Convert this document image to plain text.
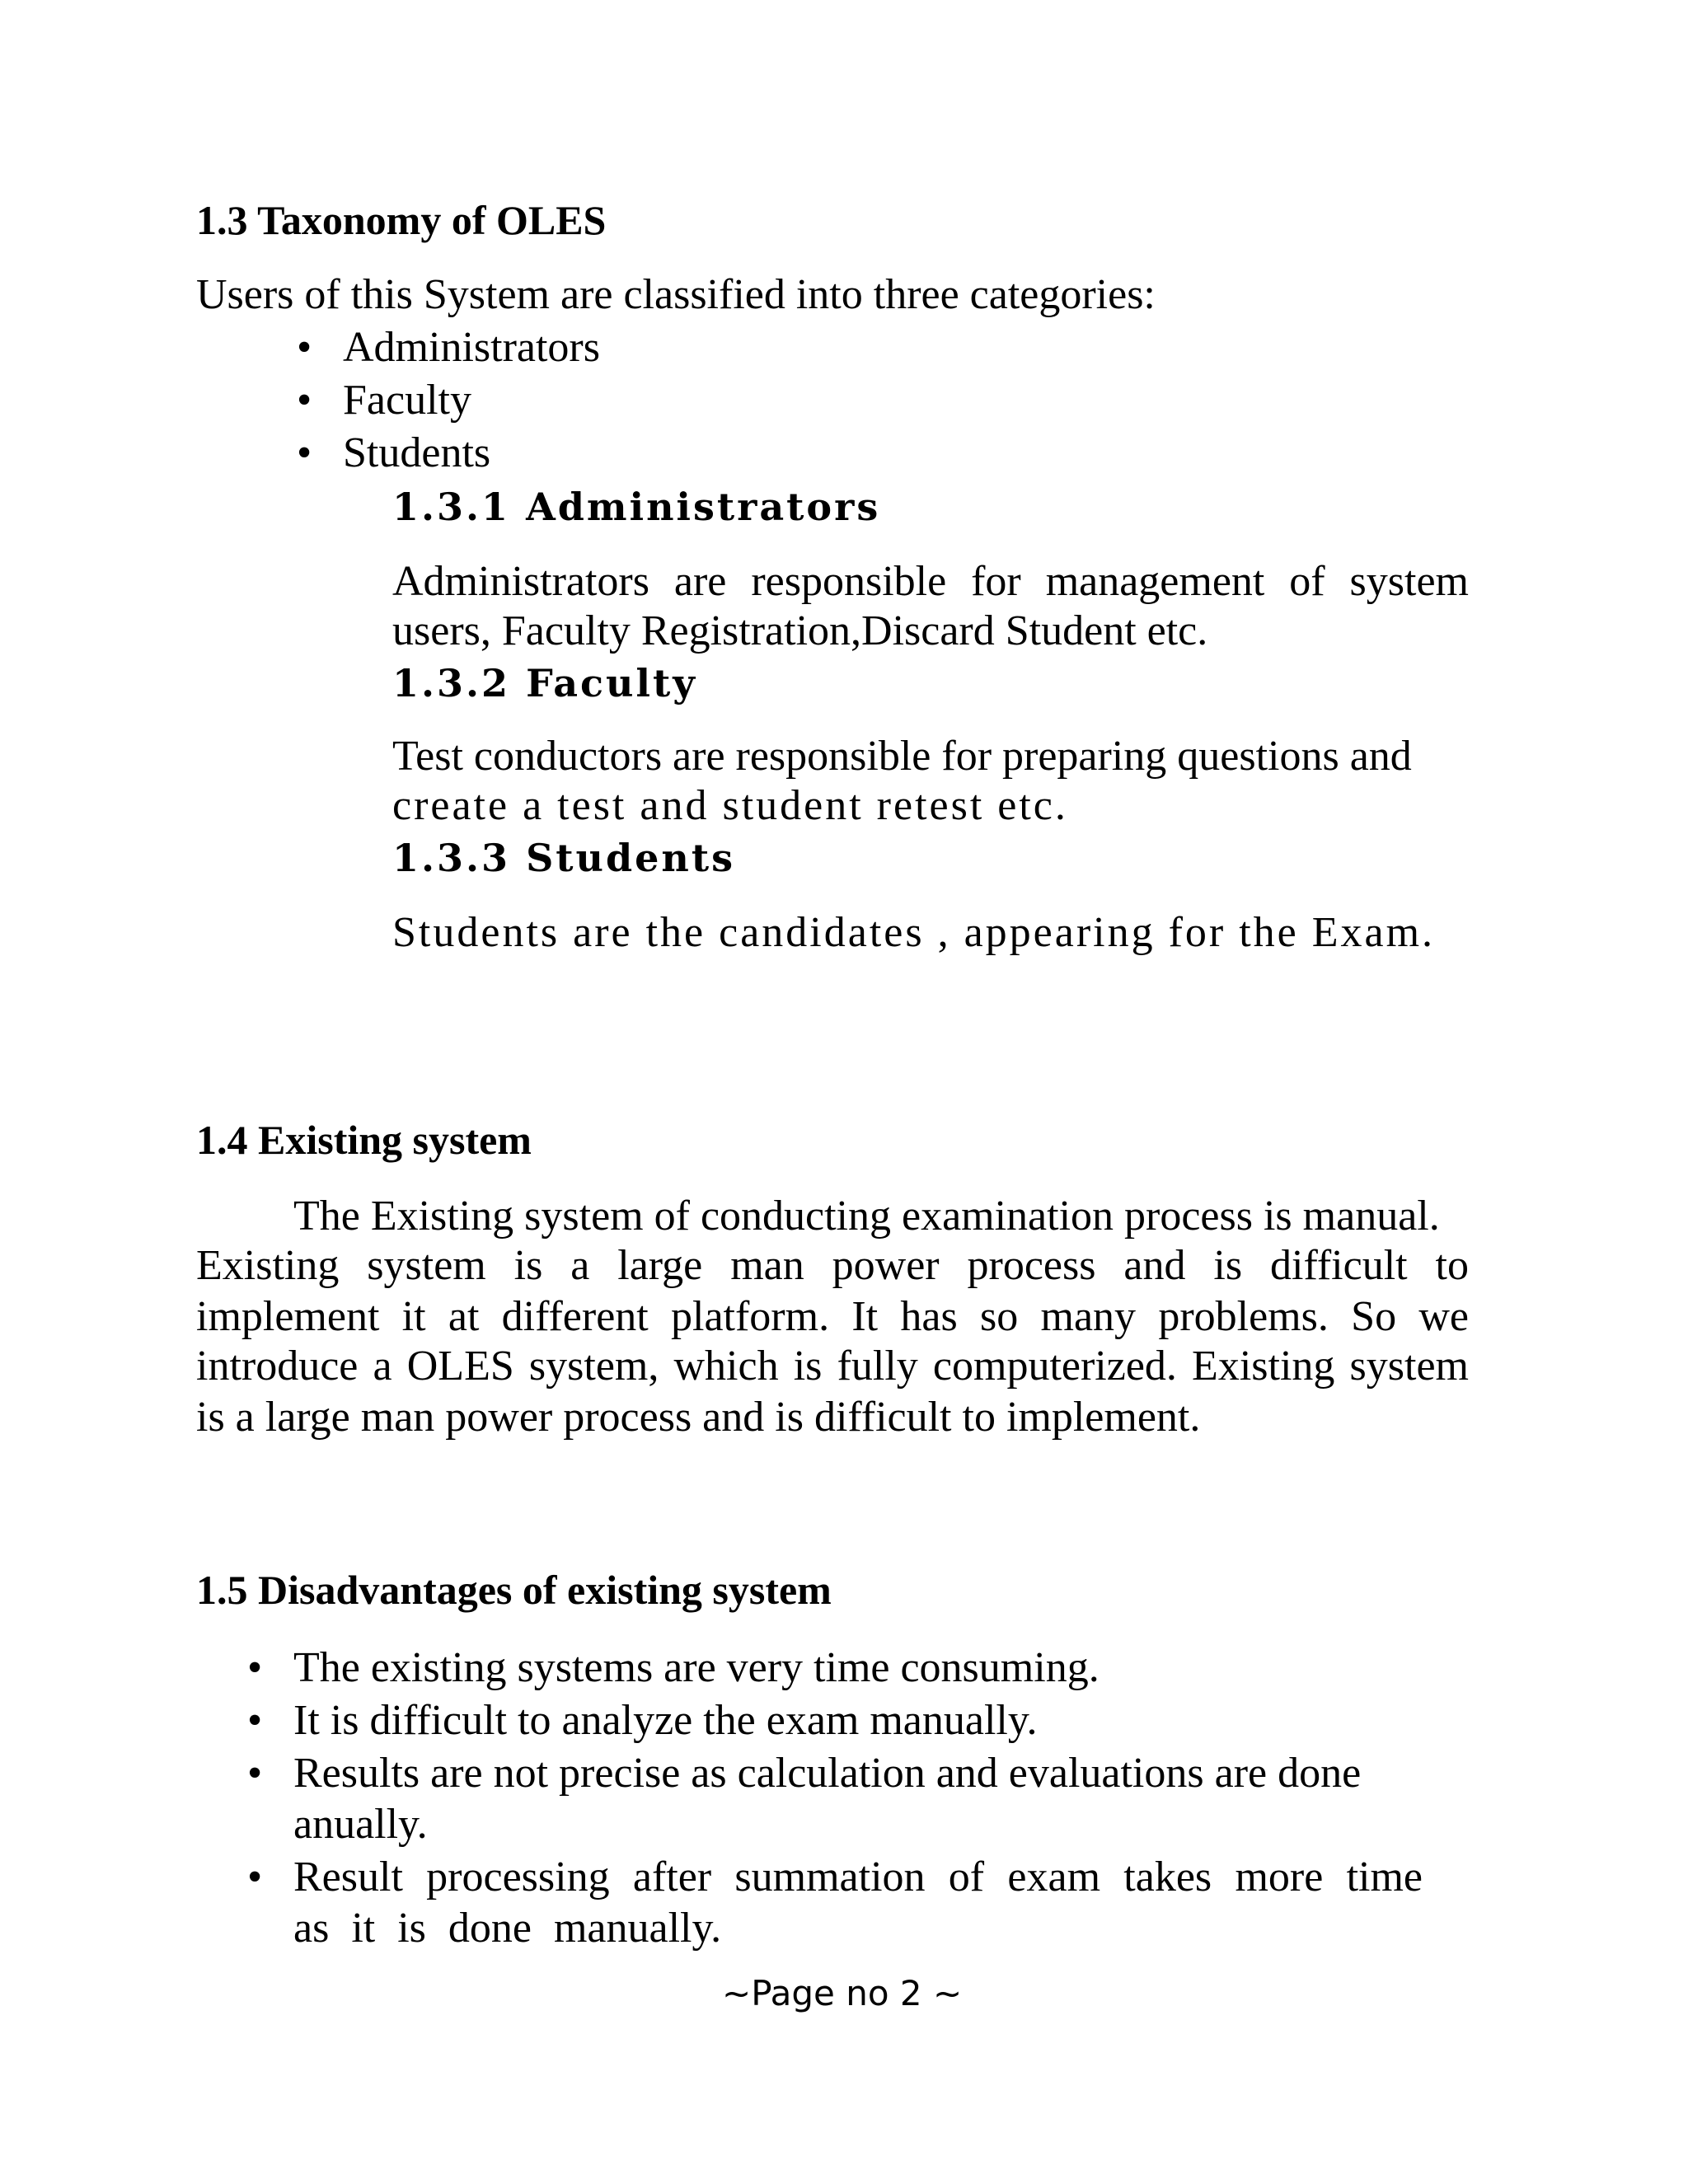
1.3 Taxonomy of OLES
Users of this System are classified into three categories:
• Administrators
• Faculty
• Students
1.3.1 Administrators
Administrators are responsible for management of system
users, Faculty Registration,Discard Student etc.
1.3.2 Faculty
Test conductors are responsible for preparing questions and
create a test and student retest etc.
1.3.3 Students
Students are the candidates , appearing for the Exam.
1.4 Existing system
The Existing system of conducting examination process is manual.
Existing system is a large man power process and is difficult to
implement it at different platform. It has so many problems. So we
introduce a OLES system, which is fully computerized. Existing system
is a large man power process and is difficult to implement.
1.5 Disadvantages of existing system
• The existing systems are very time consuming.
• It is difficult to analyze the exam manually.
• Results are not precise as calculation and evaluations are done
anually.
• Result processing after summation of exam takes more time
as it is done manually.
~Page no 2 ~
